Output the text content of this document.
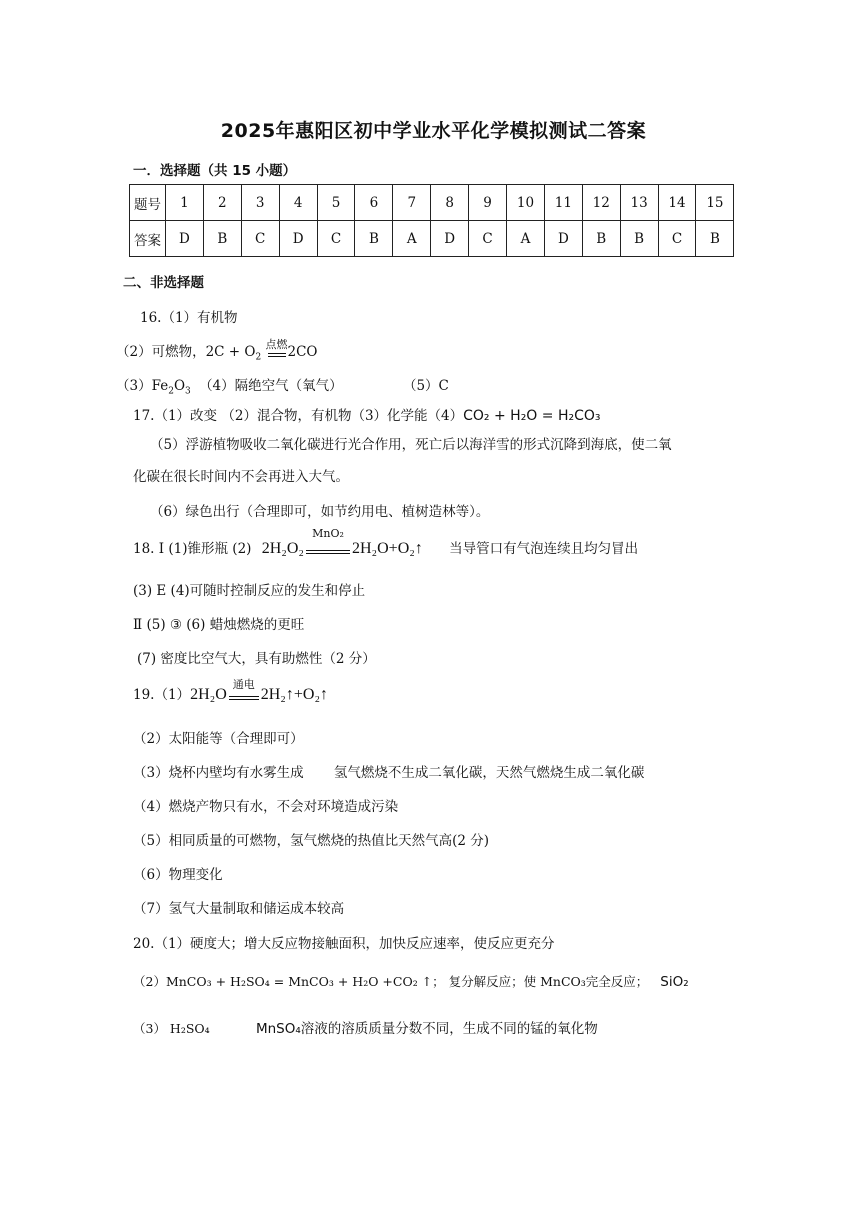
2025年惠阳区初中学业水平化学模拟测试二答案
一．选择题（共 15 小题）
题号	1	2	3	4	5	6	7	8	9	10	11	12	13	14	15
答案	D	B	C	D	C	B	A	D	C	A	D	B	B	C	B
二、非选择题
16.（1）有机物
（2）可燃物，$2C + O_2$
点燃 2CO
$(3)Fe_2O_3$ （4）隔绝空气（氧气）	（5）C
17.（1）改变 （2）混合物，有机物（3）化学能（4）CO₂ + H₂O = H₂CO₃
（5）浮游植物吸收二氧化碳进行光合作用，死亡后以海洋雪的形式沉降到海底，使二氧
化碳在很长时间内不会再进入大气。
（6）绿色出行（合理即可，如节约用电、植树造林等）。
18. Ⅰ (1)锥形瓶 (2) 2H₂O₂
MnO₂
2H₂O+O₂↑ 当导管口有气泡连续且均匀冒出
(3) E (4)可随时控制反应的发生和停止
Ⅱ (5) ③ (6) 蜡烛燃烧的更旺
(7) 密度比空气大，具有助燃性（2 分）
19.（1）2H₂O
通电
2H₂↑+O₂↑
（2）太阳能等（合理即可）
（3）烧杯内壁均有水雾生成 氢气燃烧不生成二氧化碳，天然气燃烧生成二氧化碳
（4）燃烧产物只有水，不会对环境造成污染
（5）相同质量的可燃物，氢气燃烧的热值比天然气高(2 分)
（6）物理变化
（7）氢气大量制取和储运成本较高
20.（1）硬度大；增大反应物接触面积，加快反应速率，使反应更充分
（2）MnCO₃ + H₂SO₄ = MnCO₃ + H₂O +CO₂ ↑； 复分解反应；使 MnCO₃完全反应； SiO₂
（3） H₂SO₄	MnSO₄溶液的溶质质量分数不同，生成不同的锰的氧化物
